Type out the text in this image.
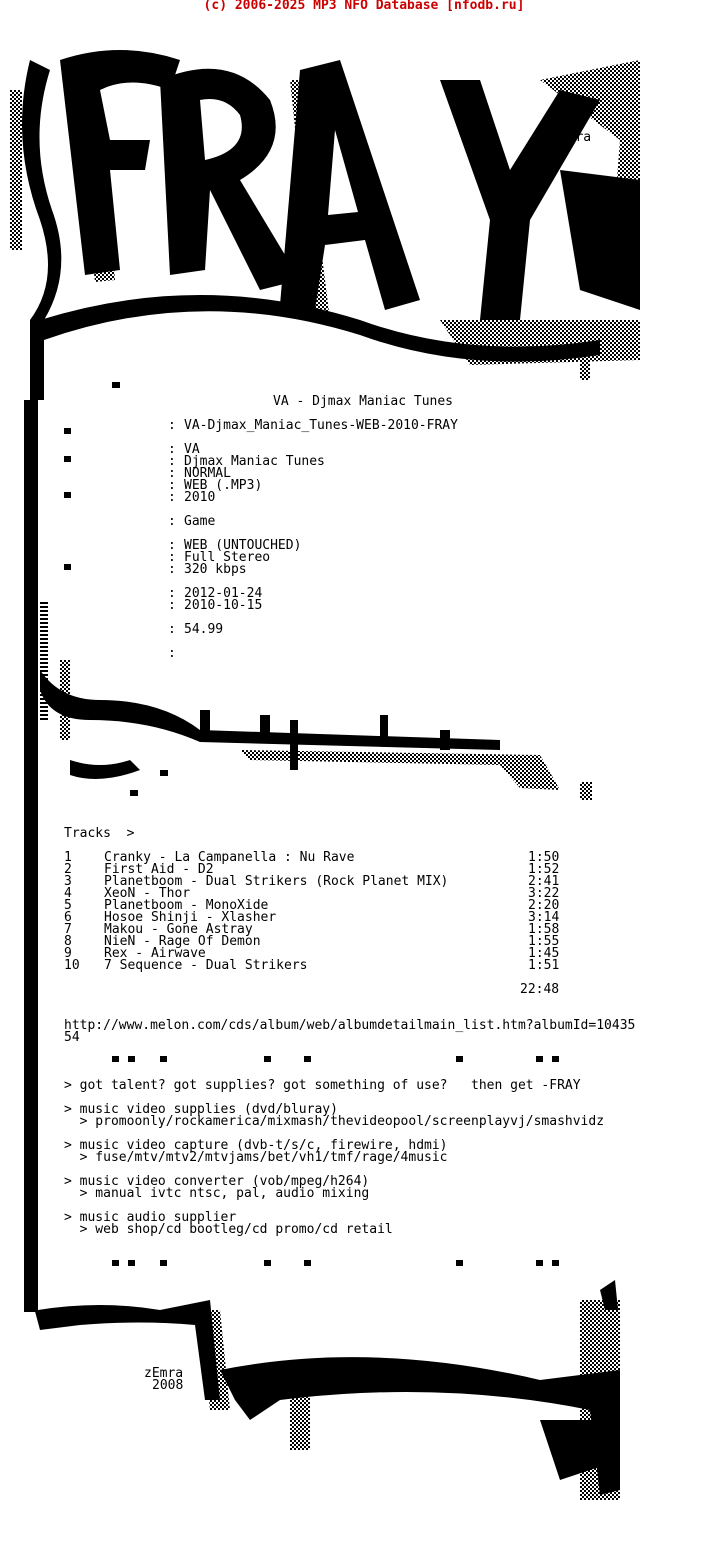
(c) 2006-2025 MP3 NFO Database [nfodb.ru]
zEmra
VA - Djmax Maniac Tunes
: VA-Djmax_Maniac_Tunes-WEB-2010-FRAY
: VA
: Djmax Maniac Tunes
: NORMAL
: WEB (.MP3)
: 2010
: Game
: WEB (UNTOUCHED)
: Full Stereo
: 320 kbps
: 2012-01-24
: 2010-10-15
: 54.99
:
Tracks  >
1 Cranky - La Campanella : Nu Rave	1:50
2 First Aid - D2	1:52
3 Planetboom - Dual Strikers (Rock Planet MIX)	2:41
4 XeoN - Thor	3:22
5 Planetboom - MonoXide	2:20
6 Hosoe Shinji - Xlasher	3:14
7 Makou - Gone Astray	1:58
8 NieN - Rage Of Demon	1:55
9 Rex - Airwave	1:45
10 7 Sequence - Dual Strikers	1:51
22:48
http://www.melon.com/cds/album/web/albumdetailmain_list.htm?albumId=10435
54
> got talent? got supplies? got something of use?   then get -FRAY
> music video supplies (dvd/bluray)
> promoonly/rockamerica/mixmash/thevideopool/screenplayvj/smashvidz
> music video capture (dvb-t/s/c, firewire, hdmi)
> fuse/mtv/mtv2/mtvjams/bet/vh1/tmf/rage/4music
> music video converter (vob/mpeg/h264)
> manual ivtc ntsc, pal, audio mixing
> music audio supplier
> web shop/cd bootleg/cd promo/cd retail
zEmra
2008
